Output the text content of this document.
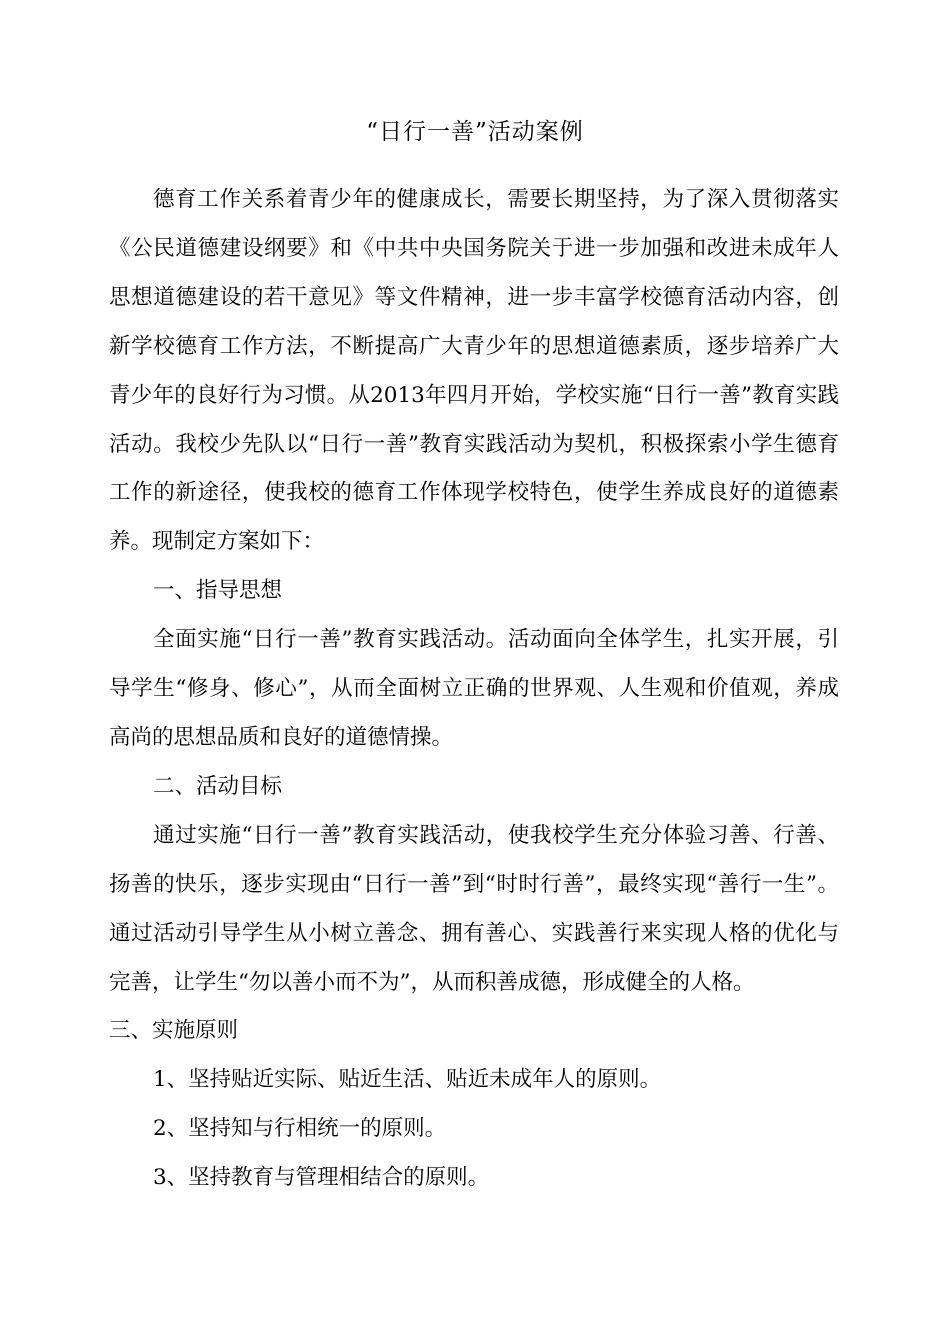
“日行一善”活动案例

德育工作关系着青少年的健康成长，需要长期坚持，为了深入贯彻落实《公民道德建设纲要》和《中共中央国务院关于进一步加强和改进未成年人思想道德建设的若干意见》等文件精神，进一步丰富学校德育活动内容，创新学校德育工作方法，不断提高广大青少年的思想道德素质，逐步培养广大青少年的良好行为习惯。从2013年四月开始，学校实施“日行一善”教育实践活动。我校少先队以“日行一善”教育实践活动为契机，积极探索小学生德育工作的新途径，使我校的德育工作体现学校特色，使学生养成良好的道德素养。现制定方案如下：

一、指导思想

全面实施“日行一善”教育实践活动。活动面向全体学生，扎实开展，引导学生“修身、修心”，从而全面树立正确的世界观、人生观和价值观，养成高尚的思想品质和良好的道德情操。

二、活动目标

通过实施“日行一善”教育实践活动，使我校学生充分体验习善、行善、扬善的快乐，逐步实现由“日行一善”到“时时行善”，最终实现“善行一生”。通过活动引导学生从小树立善念、拥有善心、实践善行来实现人格的优化与完善，让学生“勿以善小而不为”，从而积善成德，形成健全的人格。

三、实施原则

1、坚持贴近实际、贴近生活、贴近未成年人的原则。

2、坚持知与行相统一的原则。

3、坚持教育与管理相结合的原则。
